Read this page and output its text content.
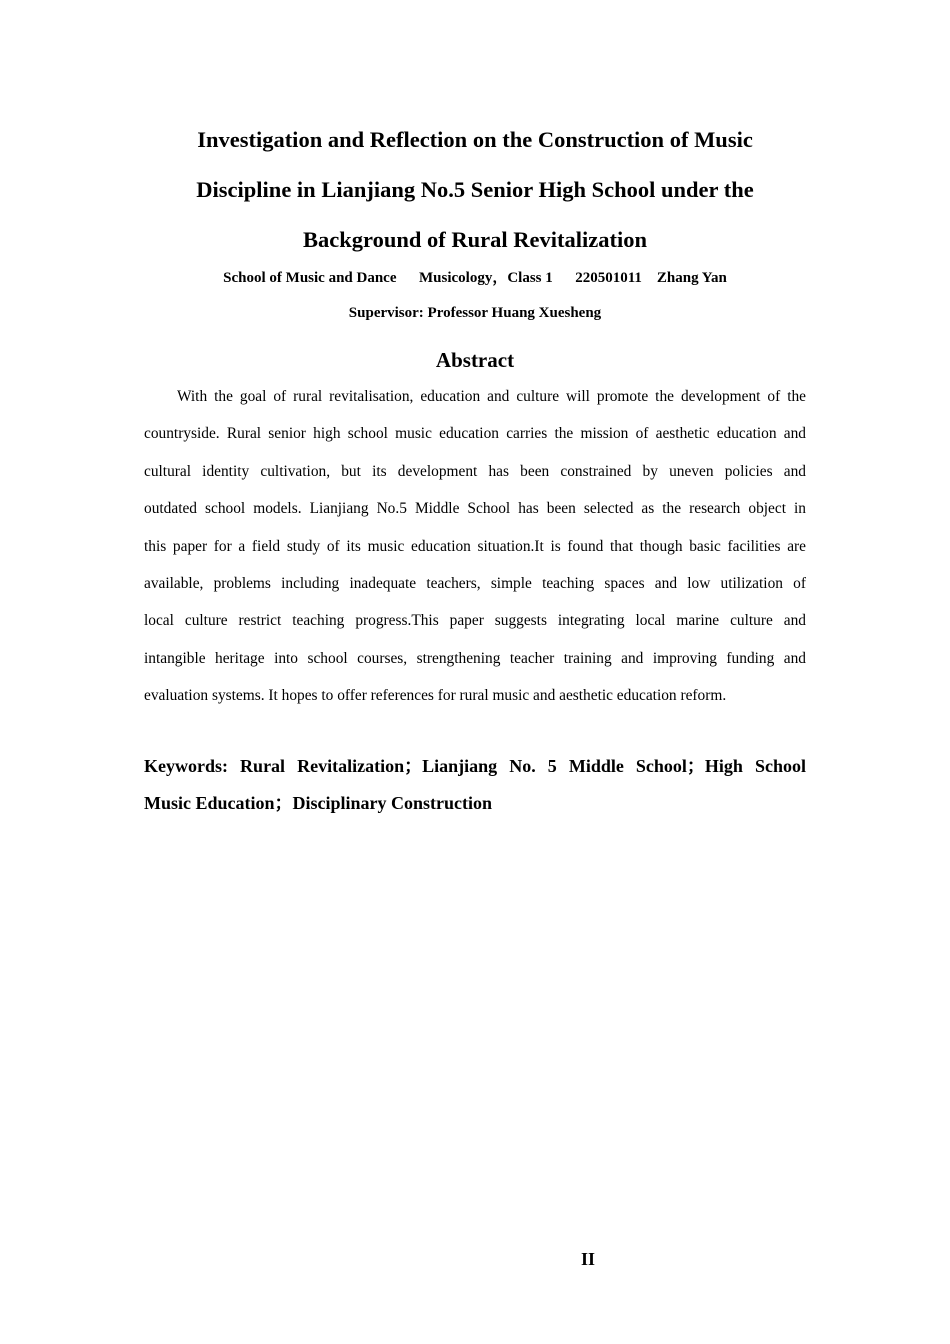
Investigation and Reflection on the Construction of Music
Discipline in Lianjiang No.5 Senior High School under the
Background of Rural Revitalization
School of Music and Dance      Musicology，Class 1      220501011    Zhang Yan
Supervisor: Professor Huang Xuesheng
Abstract
With the goal of rural revitalisation, education and culture will promote the development of the
countryside. Rural senior high school music education carries the mission of aesthetic education and
cultural identity cultivation, but its development has been constrained by uneven policies and
outdated school models. Lianjiang No.5 Middle School has been selected as the research object in
this paper for a field study of its music education situation.It is found that though basic facilities are
available, problems including inadequate teachers, simple teaching spaces and low utilization of
local culture restrict teaching progress.This paper suggests integrating local marine culture and
intangible heritage into school courses, strengthening teacher training and improving funding and
evaluation systems. It hopes to offer references for rural music and aesthetic education reform.
Keywords: Rural Revitalization；Lianjiang No. 5 Middle School；High School
Music Education；Disciplinary Construction
II
